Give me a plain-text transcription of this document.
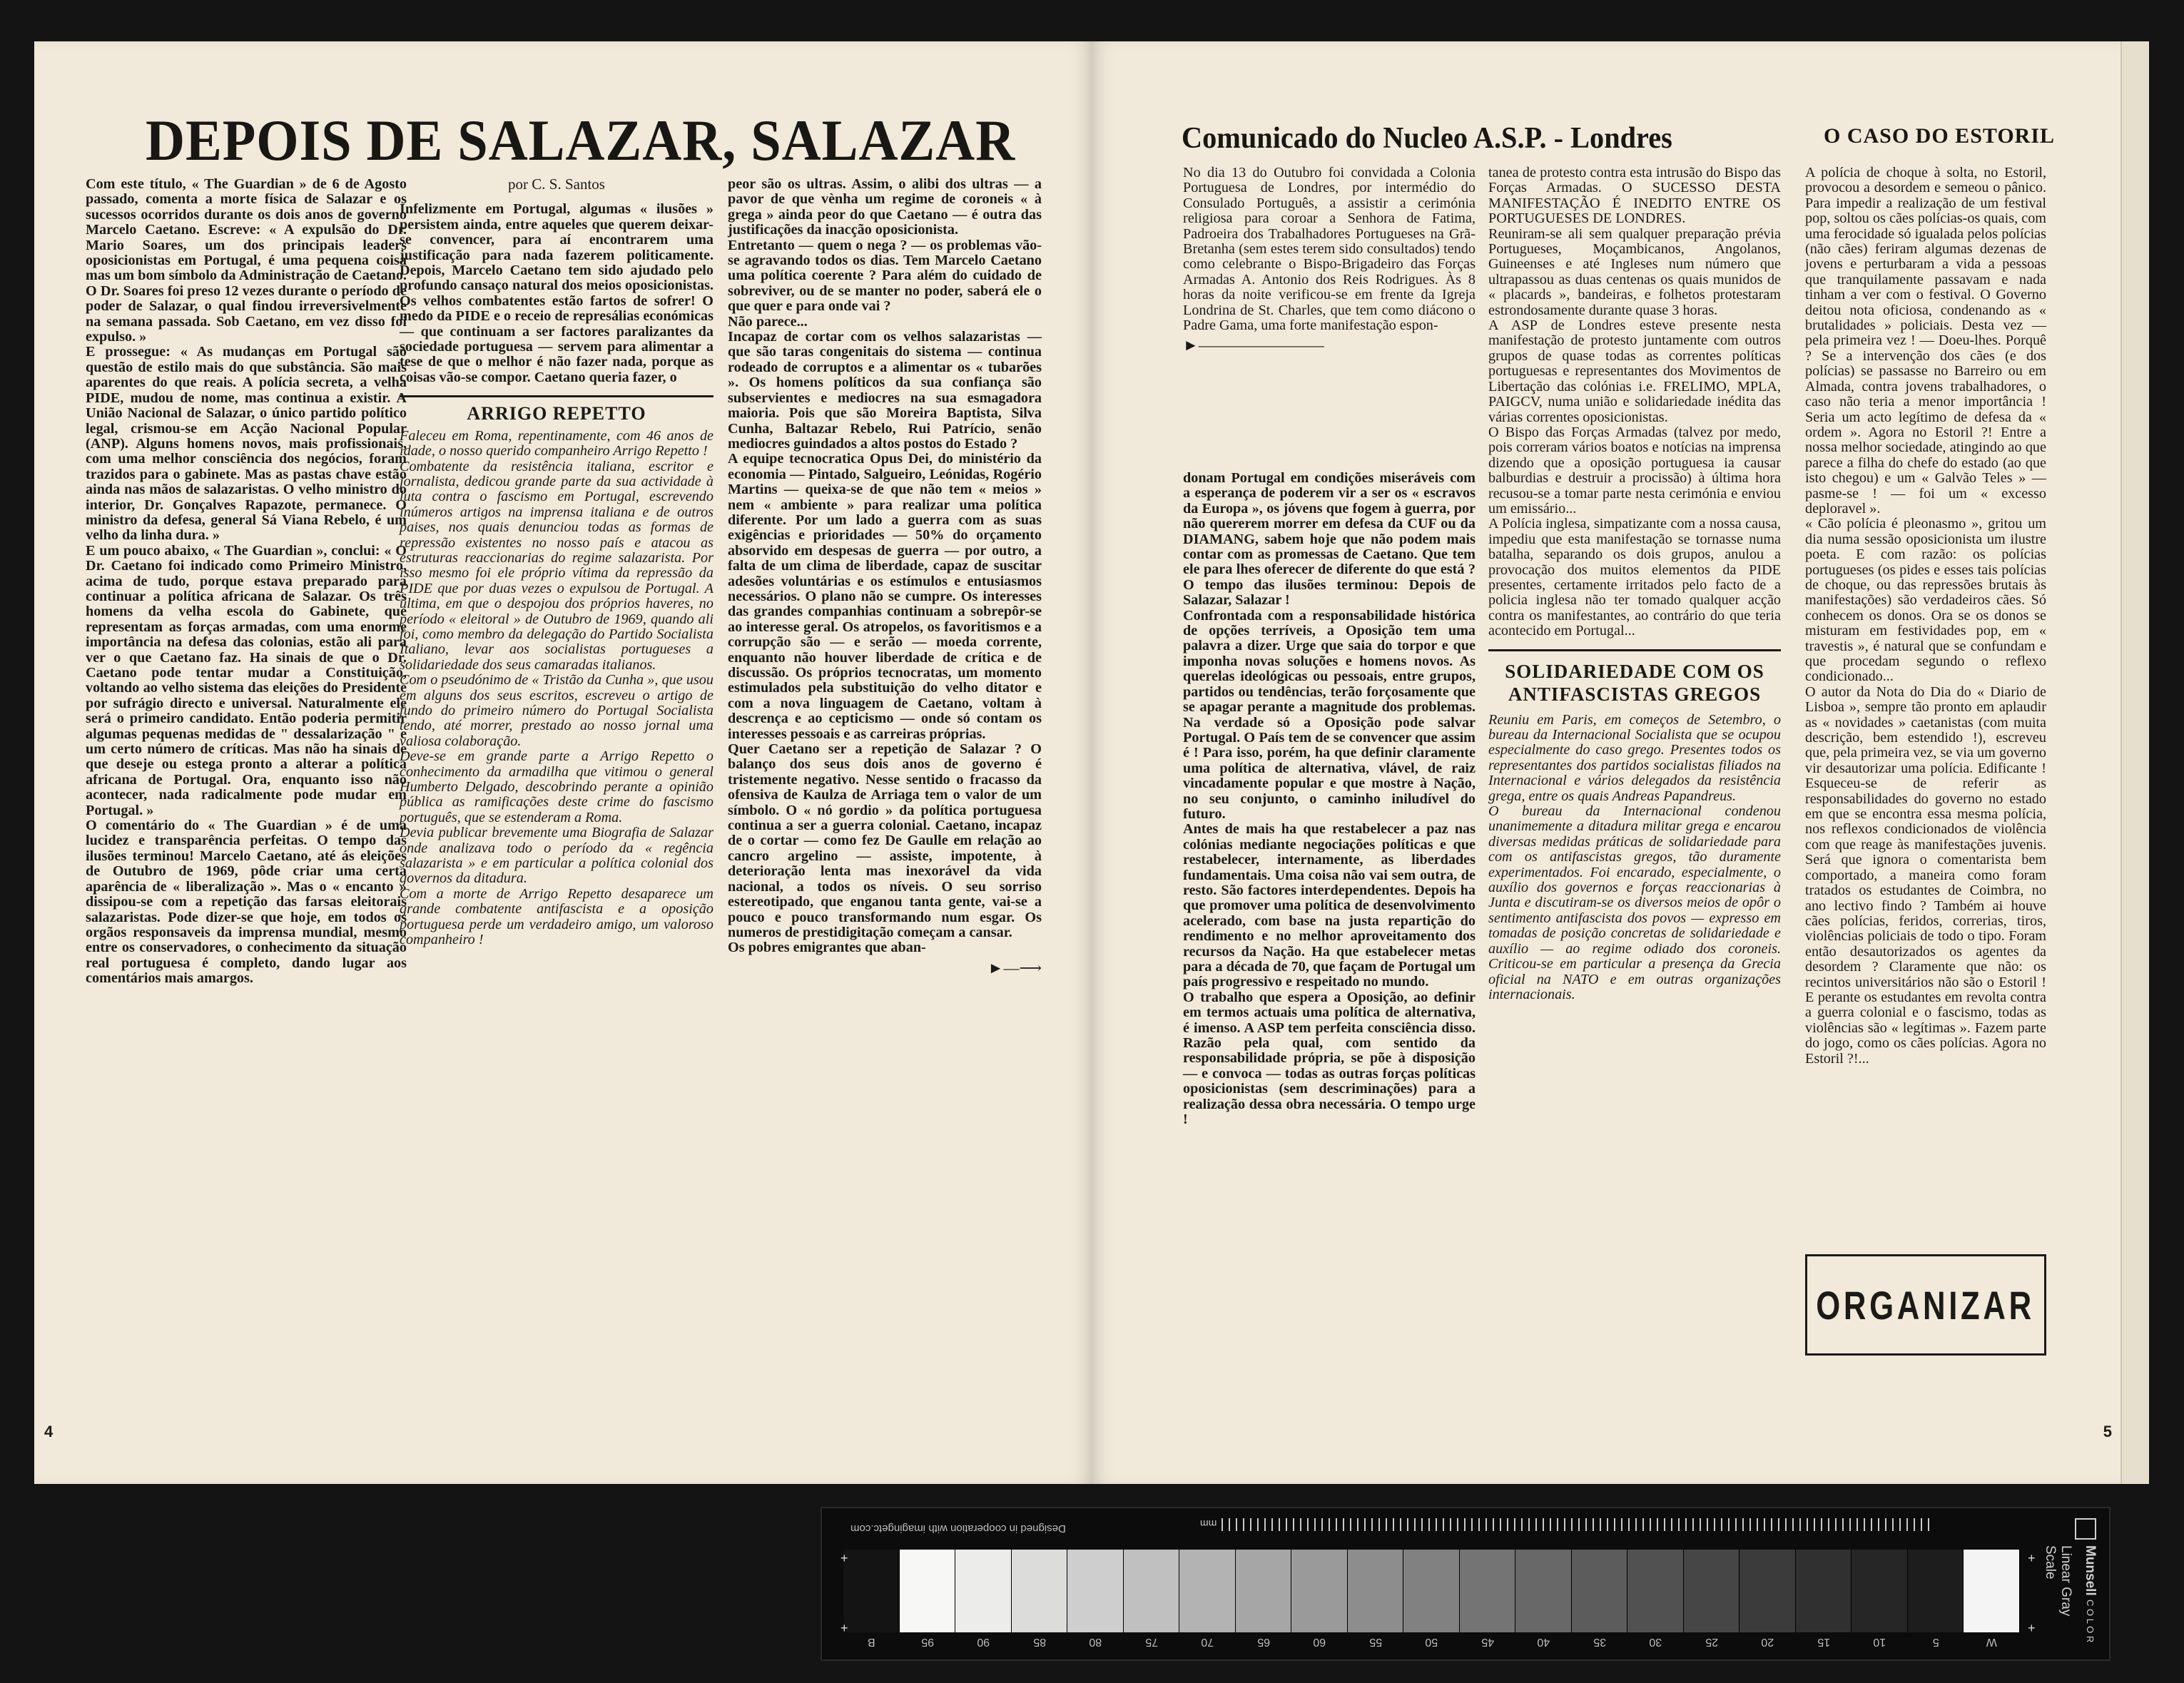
DEPOIS DE SALAZAR, SALAZAR

Com este título, « The Guardian » de 6 de Agosto passado, comenta a morte física de Salazar e os sucessos ocorridos durante os dois anos de governo Marcelo Caetano. Escreve: « A expulsão do Dr. Mario Soares, um dos principais leaders oposicionistas em Portugal, é uma pequena coisa mas um bom símbolo da Administração de Caetano. O Dr. Soares foi preso 12 vezes durante o período de poder de Salazar, o qual findou irreversivelmente na semana passada. Sob Caetano, em vez disso foi expulso. »

E prossegue: « As mudanças em Portugal são questão de estilo mais do que substância. São mais aparentes do que reais. A polícia secreta, a velha PIDE, mudou de nome, mas continua a existir. A União Nacional de Salazar, o único partido político legal, crismou-se em Acção Nacional Popular (ANP). Alguns homens novos, mais profissionais, com uma melhor consciência dos negócios, foram trazidos para o gabinete. Mas as pastas chave estão ainda nas mãos de salazaristas. O velho ministro do interior, Dr. Gonçalves Rapazote, permanece. O ministro da defesa, general Sá Viana Rebelo, é um velho da linha dura. »

E um pouco abaixo, « The Guardian », conclui: « O Dr. Caetano foi indicado como Primeiro Ministro, acima de tudo, porque estava preparado para continuar a política africana de Salazar. Os três homens da velha escola do Gabinete, que representam as forças armadas, com uma enorme importância na defesa das colonias, estão ali para ver o que Caetano faz. Ha sinais de que o Dr. Caetano pode tentar mudar a Constituição, voltando ao velho sistema das eleições do Presidente por sufrágio directo e universal. Naturalmente ele será o primeiro candidato. Então poderia permitir algumas pequenas medidas de " dessalarização " e um certo número de críticas. Mas não ha sinais de que deseje ou estega pronto a alterar a política africana de Portugal. Ora, enquanto isso não acontecer, nada radicalmente pode mudar em Portugal. »

O comentário do « The Guardian » é de uma lucidez e transparência perfeitas. O tempo das ilusões terminou! Marcelo Caetano, até ás eleições de Outubro de 1969, pôde criar uma certa aparência de « liberalização ». Mas o « encanto » dissipou-se com a repetição das farsas eleitorais salazaristas. Pode dizer-se que hoje, em todos os orgãos responsaveis da imprensa mundial, mesmo entre os conservadores, o conhecimento da situação real portuguesa é completo, dando lugar aos comentários mais amargos.

por C. S. Santos

Infelizmente em Portugal, algumas « ilusões » persistem ainda, entre aqueles que querem deixar-se convencer, para aí encontrarem uma justificação para nada fazerem politicamente. Depois, Marcelo Caetano tem sido ajudado pelo profundo cansaço natural dos meios oposicionistas. Os velhos combatentes estão fartos de sofrer! O medo da PIDE e o receio de represálias económicas — que continuam a ser factores paralizantes da sociedade portuguesa — servem para alimentar a tese de que o melhor é não fazer nada, porque as coisas vão-se compor. Caetano queria fazer, o

ARRIGO REPETTO

Faleceu em Roma, repentinamente, com 46 anos de idade, o nosso querido companheiro Arrigo Repetto !

Combatente da resistência italiana, escritor e jornalista, dedicou grande parte da sua actividade à luta contra o fascismo em Portugal, escrevendo inúmeros artigos na imprensa italiana e de outros paises, nos quais denunciou todas as formas de repressão existentes no nosso país e atacou as estruturas reaccionarias do regime salazarista. Por isso mesmo foi ele próprio vítima da repressão da PIDE que por duas vezes o expulsou de Portugal. A última, em que o despojou dos próprios haveres, no período « eleitoral » de Outubro de 1969, quando ali foi, como membro da delegação do Partido Socialista Italiano, levar aos socialistas portugueses a solidariedade dos seus camaradas italianos.

Com o pseudónimo de « Tristão da Cunha », que usou em alguns dos seus escritos, escreveu o artigo de fundo do primeiro número do Portugal Socialista tendo, até morrer, prestado ao nosso jornal uma valiosa colaboração.

Deve-se em grande parte a Arrigo Repetto o conhecimento da armadilha que vitimou o general Humberto Delgado, descobrindo perante a opinião pública as ramificações deste crime do fascismo português, que se estenderam a Roma.

Devia publicar brevemente uma Biografia de Salazar onde analizava todo o período da « regência salazarista » e em particular a política colonial dos governos da ditadura.

Com a morte de Arrigo Repetto desaparece um grande combatente antifascista e a oposição portuguesa perde um verdadeiro amigo, um valoroso companheiro !

peor são os ultras. Assim, o alibi dos ultras — a pavor de que vènha um regime de coroneis « à grega » ainda peor do que Caetano — é outra das justificações da inacção oposicionista.

Entretanto — quem o nega ? — os problemas vão-se agravando todos os dias. Tem Marcelo Caetano uma política coerente ? Para além do cuidado de sobreviver, ou de se manter no poder, saberá ele o que quer e para onde vai ?

Não parece...

Incapaz de cortar com os velhos salazaristas — que são taras congenitais do sistema — continua rodeado de corruptos e a alimentar os « tubarões ». Os homens políticos da sua confiança são subservientes e mediocres na sua esmagadora maioria. Pois que são Moreira Baptista, Silva Cunha, Baltazar Rebelo, Rui Patrício, senão mediocres guindados a altos postos do Estado ?

A equipe tecnocratica Opus Dei, do ministério da economia — Pintado, Salgueiro, Leónidas, Rogério Martins — queixa-se de que não tem « meios » nem « ambiente » para realizar uma política diferente. Por um lado a guerra com as suas exigências e prioridades — 50% do orçamento absorvido em despesas de guerra — por outro, a falta de um clima de liberdade, capaz de suscitar adesões voluntárias e os estímulos e entusiasmos necessários. O plano não se cumpre. Os interesses das grandes companhias continuam a sobrepôr-se ao interesse geral. Os atropelos, os favoritismos e a corrupção são — e serão — moeda corrente, enquanto não houver liberdade de crítica e de discussão. Os próprios tecnocratas, um momento estimulados pela substituição do velho ditator e com a nova linguagem de Caetano, voltam à descrença e ao cepticismo — onde só contam os interesses pessoais e as carreiras próprias.

Quer Caetano ser a repetição de Salazar ? O balanço dos seus dois anos de governo é tristemente negativo. Nesse sentido o fracasso da ofensiva de Kaulza de Arriaga tem o valor de um símbolo. O « nó gordio » da política portuguesa continua a ser a guerra colonial. Caetano, incapaz de o cortar — como fez De Gaulle em relação ao cancro argelino — assiste, impotente, à deterioração lenta mas inexorável da vida nacional, a todos os níveis. O seu sorriso estereotipado, que enganou tanta gente, vai-se a pouco e pouco transformando num esgar. Os numeros de prestidigitação começam a cansar.

Os pobres emigrantes que aban-

►—⟶
4
Comunicado do Nucleo A.S.P. - Londres	O CASO DO ESTORIL

No dia 13 do Outubro foi convidada a Colonia Portuguesa de Londres, por intermédio do Consulado Português, a assistir a cerimónia religiosa para coroar a Senhora de Fatima, Padroeira dos Trabalhadores Portugueses na Grã-Bretanha (sem estes terem sido consultados) tendo como celebrante o Bispo-Brigadeiro das Forças Armadas A. Antonio dos Reis Rodrigues. Às 8 horas da noite verificou-se em frente da Igreja Londrina de St. Charles, que tem como diácono o Padre Gama, uma forte manifestação espon-

►————————

tanea de protesto contra esta intrusão do Bispo das Forças Armadas. O SUCESSO DESTA MANIFESTAÇÃO É INEDITO ENTRE OS PORTUGUESES DE LONDRES.

Reuniram-se ali sem qualquer preparação prévia Portugueses, Moçambicanos, Angolanos, Guineenses e até Ingleses num número que ultrapassou as duas centenas os quais munidos de « placards », bandeiras, e folhetos protestaram estrondosamente durante quase 3 horas.

A ASP de Londres esteve presente nesta manifestação de protesto juntamente com outros grupos de quase todas as correntes políticas portuguesas e representantes dos Movimentos de Libertação das colónias i.e. FRELIMO, MPLA, PAIGCV, numa união e solidariedade inédita das várias correntes oposicionistas.

O Bispo das Forças Armadas (talvez por medo, pois correram vários boatos e notícias na imprensa dizendo que a oposição portuguesa ia causar balburdias e destruir a procissão) à última hora recusou-se a tomar parte nesta cerimónia e enviou um emissário...

A Polícia inglesa, simpatizante com a nossa causa, impediu que esta manifestação se tornasse numa batalha, separando os dois grupos, anulou a provocação dos muitos elementos da PIDE presentes, certamente irritados pelo facto de a policia inglesa não ter tomado qualquer acção contra os manifestantes, ao contrário do que teria acontecido em Portugal...

SOLIDARIEDADE COM OS ANTIFASCISTAS GREGOS

Reuniu em Paris, em começos de Setembro, o bureau da Internacional Socialista que se ocupou especialmente do caso grego. Presentes todos os representantes dos partidos socialistas filiados na Internacional e vários delegados da resistência grega, entre os quais Andreas Papandreus.

O bureau da Internacional condenou unanimemente a ditadura militar grega e encarou diversas medidas práticas de solidariedade para com os antifascistas gregos, tão duramente experimentados. Foi encarado, especialmente, o auxílio dos governos e forças reaccionarias à Junta e discutiram-se os diversos meios de opôr o sentimento antifascista dos povos — expresso em tomadas de posição concretas de solidariedade e auxílio — ao regime odiado dos coroneis. Criticou-se em particular a presença da Grecia oficial na NATO e em outras organizações internacionais.

donam Portugal em condições miseráveis com a esperança de poderem vir a ser os « escravos da Europa », os jóvens que fogem à guerra, por não quererem morrer em defesa da CUF ou da DIAMANG, sabem hoje que não podem mais contar com as promessas de Caetano. Que tem ele para lhes oferecer de diferente do que está ? O tempo das ilusões terminou: Depois de Salazar, Salazar !

Confrontada com a responsabilidade histórica de opções terríveis, a Oposição tem uma palavra a dizer. Urge que saia do torpor e que imponha novas soluções e homens novos. As querelas ideológicas ou pessoais, entre grupos, partidos ou tendências, terão forçosamente que se apagar perante a magnitude dos problemas. Na verdade só a Oposição pode salvar Portugal. O País tem de se convencer que assim é ! Para isso, porém, ha que definir claramente uma política de alternativa, vlável, de raiz vincadamente popular e que mostre à Nação, no seu conjunto, o caminho iniludível do futuro.

Antes de mais ha que restabelecer a paz nas colónias mediante negociações políticas e que restabelecer, internamente, as liberdades fundamentais. Uma coisa não vai sem outra, de resto. São factores interdependentes. Depois ha que promover uma política de desenvolvimento acelerado, com base na justa repartição do rendimento e no melhor aproveitamento dos recursos da Nação. Ha que estabelecer metas para a década de 70, que façam de Portugal um país progressivo e respeitado no mundo.

O trabalho que espera a Oposição, ao definir em termos actuais uma política de alternativa, é imenso. A ASP tem perfeita consciência disso. Razão pela qual, com sentido da responsabilidade própria, se põe à disposição — e convoca — todas as outras forças políticas oposicionistas (sem descriminações) para a realização dessa obra necessária. O tempo urge !

A polícia de choque à solta, no Estoril, provocou a desordem e semeou o pânico. Para impedir a realização de um festival pop, soltou os cães polícias-os quais, com uma ferocidade só igualada pelos polícias (não cães) feriram algumas dezenas de jovens e perturbaram a vida a pessoas que tranquilamente passavam e nada tinham a ver com o festival. O Governo deitou nota oficiosa, condenando as « brutalidades » policiais. Desta vez — pela primeira vez ! — Doeu-lhes. Porquê ? Se a intervenção dos cães (e dos polícias) se passasse no Barreiro ou em Almada, contra jovens trabalhadores, o caso não teria a menor importância ! Seria um acto legítimo de defesa da « ordem ». Agora no Estoril ?! Entre a nossa melhor sociedade, atingindo ao que parece a filha do chefe do estado (ao que isto chegou) e um « Galvão Teles » — pasme-se ! — foi um « excesso deploravel ».

« Cão polícia é pleonasmo », gritou um dia numa sessão oposicionista um ilustre poeta. E com razão: os polícias portugueses (os pides e esses tais polícias de choque, ou das repressões brutais às manifestações) são verdadeiros cães. Só conhecem os donos. Ora se os donos se misturam em festividades pop, em « travestis », é natural que se confundam e que procedam segundo o reflexo condicionado...

O autor da Nota do Dia do « Diario de Lisboa », sempre tão pronto em aplaudir as « novidades » caetanistas (com muita descrição, bem estendido !), escreveu que, pela primeira vez, se via um governo vir desautorizar uma polícia. Edificante ! Esqueceu-se de referir as responsabilidades do governo no estado em que se encontra essa mesma polícia, nos reflexos condicionados de violência com que reage às manifestações juvenis. Será que ignora o comentarista bem comportado, a maneira como foram tratados os estudantes de Coimbra, no ano lectivo findo ? Também ai houve cães polícias, feridos, correrias, tiros, violências policiais de todo o tipo. Foram então desautorizados os agentes da desordem ? Claramente que não: os recintos universitários não são o Estoril ! E perante os estudantes em revolta contra a guerra colonial e o fascismo, todas as violências são « legítimas ». Fazem parte do jogo, como os cães polícias. Agora no Estoril ?!...

ORGANIZAR
5
Designed in cooperation with imagingetc.com	mm
B	95	90	85	80	75	70	65	60	55	50	45	40	35	30	25	20	15	10	5	W
+
+
+
+
Linear Gray Scale	Munsell C O L O R
